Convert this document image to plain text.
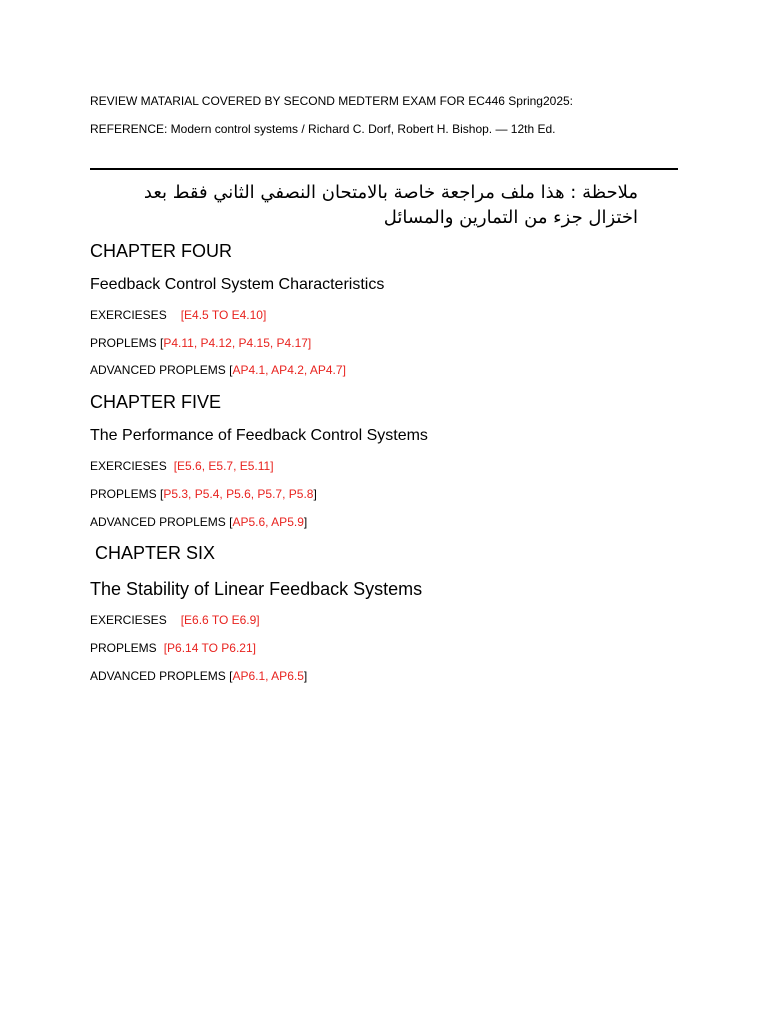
REVIEW MATARIAL COVERED BY SECOND MEDTERM EXAM FOR EC446 Spring2025:
REFERENCE: Modern control systems / Richard C. Dorf, Robert H. Bishop. — 12th Ed.
ملاحظة : هذا ملف مراجعة خاصة بالامتحان النصفي الثاني فقط بعد اختزال جزء من التمارين والمسائل
CHAPTER FOUR
Feedback Control System Characteristics
EXERCIESES [E4.5 TO E4.10]
PROPLEMS [P4.11, P4.12, P4.15, P4.17]
ADVANCED PROPLEMS [AP4.1, AP4.2, AP4.7]
CHAPTER FIVE
The Performance of Feedback Control Systems
EXERCIESES [E5.6, E5.7, E5.11]
PROPLEMS [P5.3, P5.4, P5.6, P5.7, P5.8]
ADVANCED PROPLEMS [AP5.6, AP5.9]
CHAPTER SIX
The Stability of Linear Feedback Systems
EXERCIESES [E6.6 TO E6.9]
PROPLEMS [P6.14 TO P6.21]
ADVANCED PROPLEMS [AP6.1, AP6.5]
